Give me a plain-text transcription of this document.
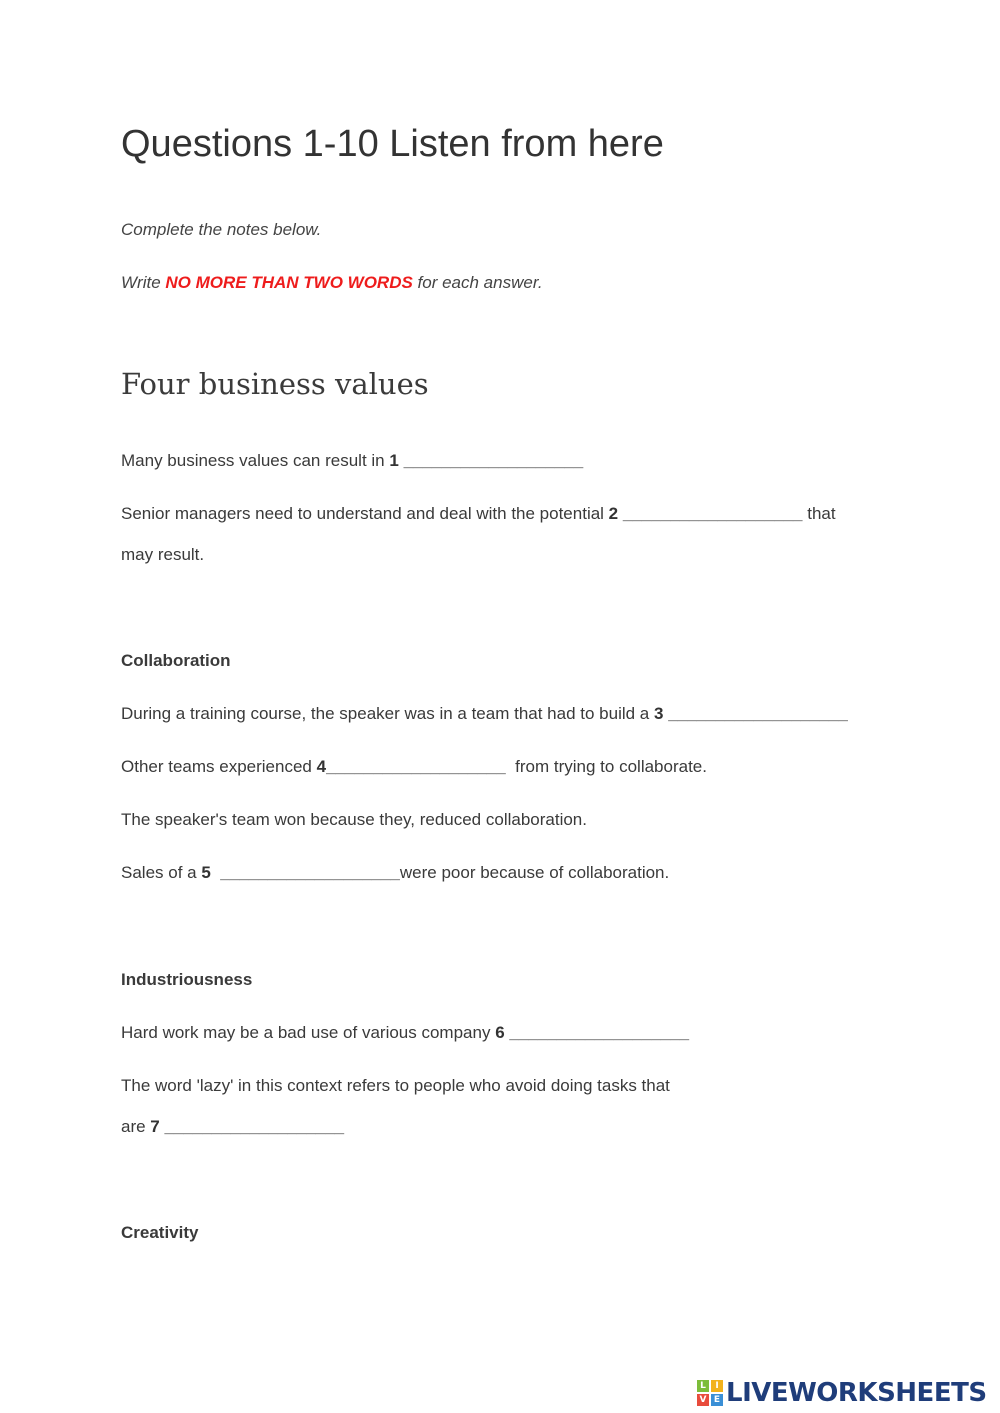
Questions 1-10 Listen from here
Complete the notes below.
Write NO MORE THAN TWO WORDS for each answer.
Four business values
Many business values can result in 1 ___________________
Senior managers need to understand and deal with the potential 2 ___________________ that
may result.
Collaboration
During a training course, the speaker was in a team that had to build a 3 ___________________
Other teams experienced 4___________________  from trying to collaborate.
The speaker's team won because they, reduced collaboration.
Sales of a 5 ___________________were poor because of collaboration.
Industriousness
Hard work may be a bad use of various company 6 ___________________
The word 'lazy' in this context refers to people who avoid doing tasks that
are 7 ___________________
Creativity
L	I
V E LIVEWORKSHEETS
